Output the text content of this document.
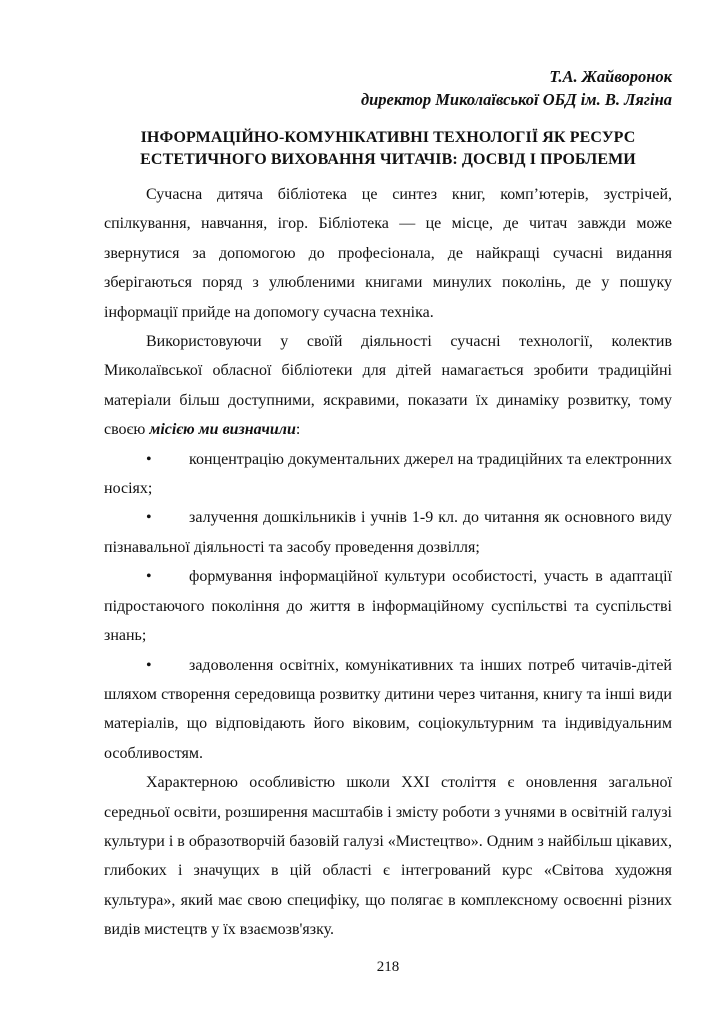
Т.А. Жайворонок
директор Миколаївської ОБД ім. В. Лягіна
ІНФОРМАЦІЙНО-КОМУНІКАТИВНІ ТЕХНОЛОГІЇ ЯК РЕСУРС
ЕСТЕТИЧНОГО ВИХОВАННЯ ЧИТАЧІВ: ДОСВІД І ПРОБЛЕМИ

Сучасна дитяча бібліотека це синтез книг, комп’ютерів, зустрічей, спілкування, навчання, ігор. Бібліотека — це місце, де читач завжди може звернутися за допомогою до професіонала, де найкращі сучасні видання зберігаються поряд з улюбленими книгами минулих поколінь, де у пошуку інформації прийде на допомогу сучасна техніка.

Використовуючи у своїй діяльності сучасні технології, колектив Миколаївської обласної бібліотеки для дітей намагається зробити традиційні матеріали більш доступними, яскравими, показати їх динаміку розвитку, тому своєю місією ми визначили:

• концентрацію документальних джерел на традиційних та електронних носіях;
• залучення дошкільників і учнів 1-9 кл. до читання як основного виду пізнавальної діяльності та засобу проведення дозвілля;
• формування інформаційної культури особистості, участь в адаптації підростаючого покоління до життя в інформаційному суспільстві та суспільстві знань;
• задоволення освітніх, комунікативних та інших потреб читачів-дітей шляхом створення середовища розвитку дитини через читання, книгу та інші види матеріалів, що відповідають його віковим, соціокультурним та індивідуальним особливостям.

Характерною особливістю школи ХХІ століття є оновлення загальної середньої освіти, розширення масштабів і змісту роботи з учнями в освітній галузі культури і в образотворчій базовій галузі «Мистецтво». Одним з найбільш цікавих, глибоких і значущих в цій області є інтегрований курс «Світова художня культура», який має свою специфіку, що полягає в комплексному освоєнні різних видів мистецтв у їх взаємозв'язку.

218
